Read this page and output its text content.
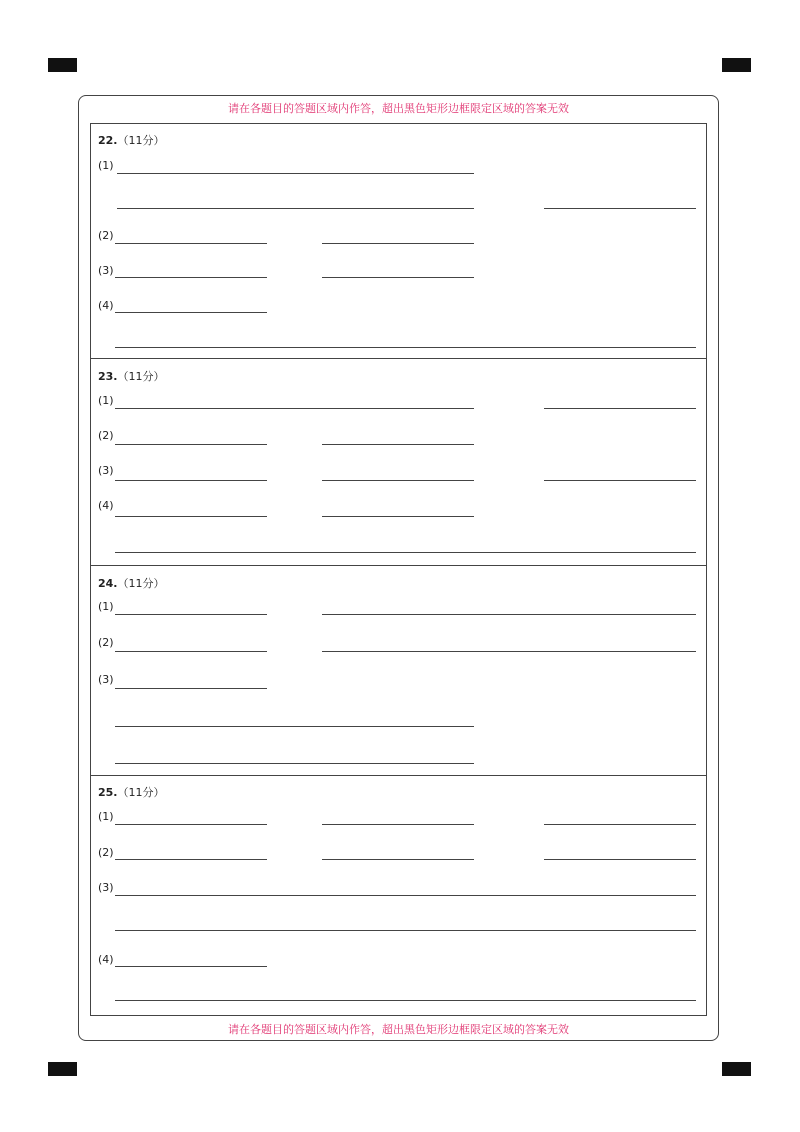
请在各题目的答题区域内作答，超出黑色矩形边框限定区域的答案无效
请在各题目的答题区域内作答，超出黑色矩形边框限定区域的答案无效
22.（11分）
(1)
(2)
(3)
(4)
23.（11分）
(1)
(2)
(3)
(4)
24.（11分）
(1)
(2)
(3)
25.（11分）
(1)
(2)
(3)
(4)
